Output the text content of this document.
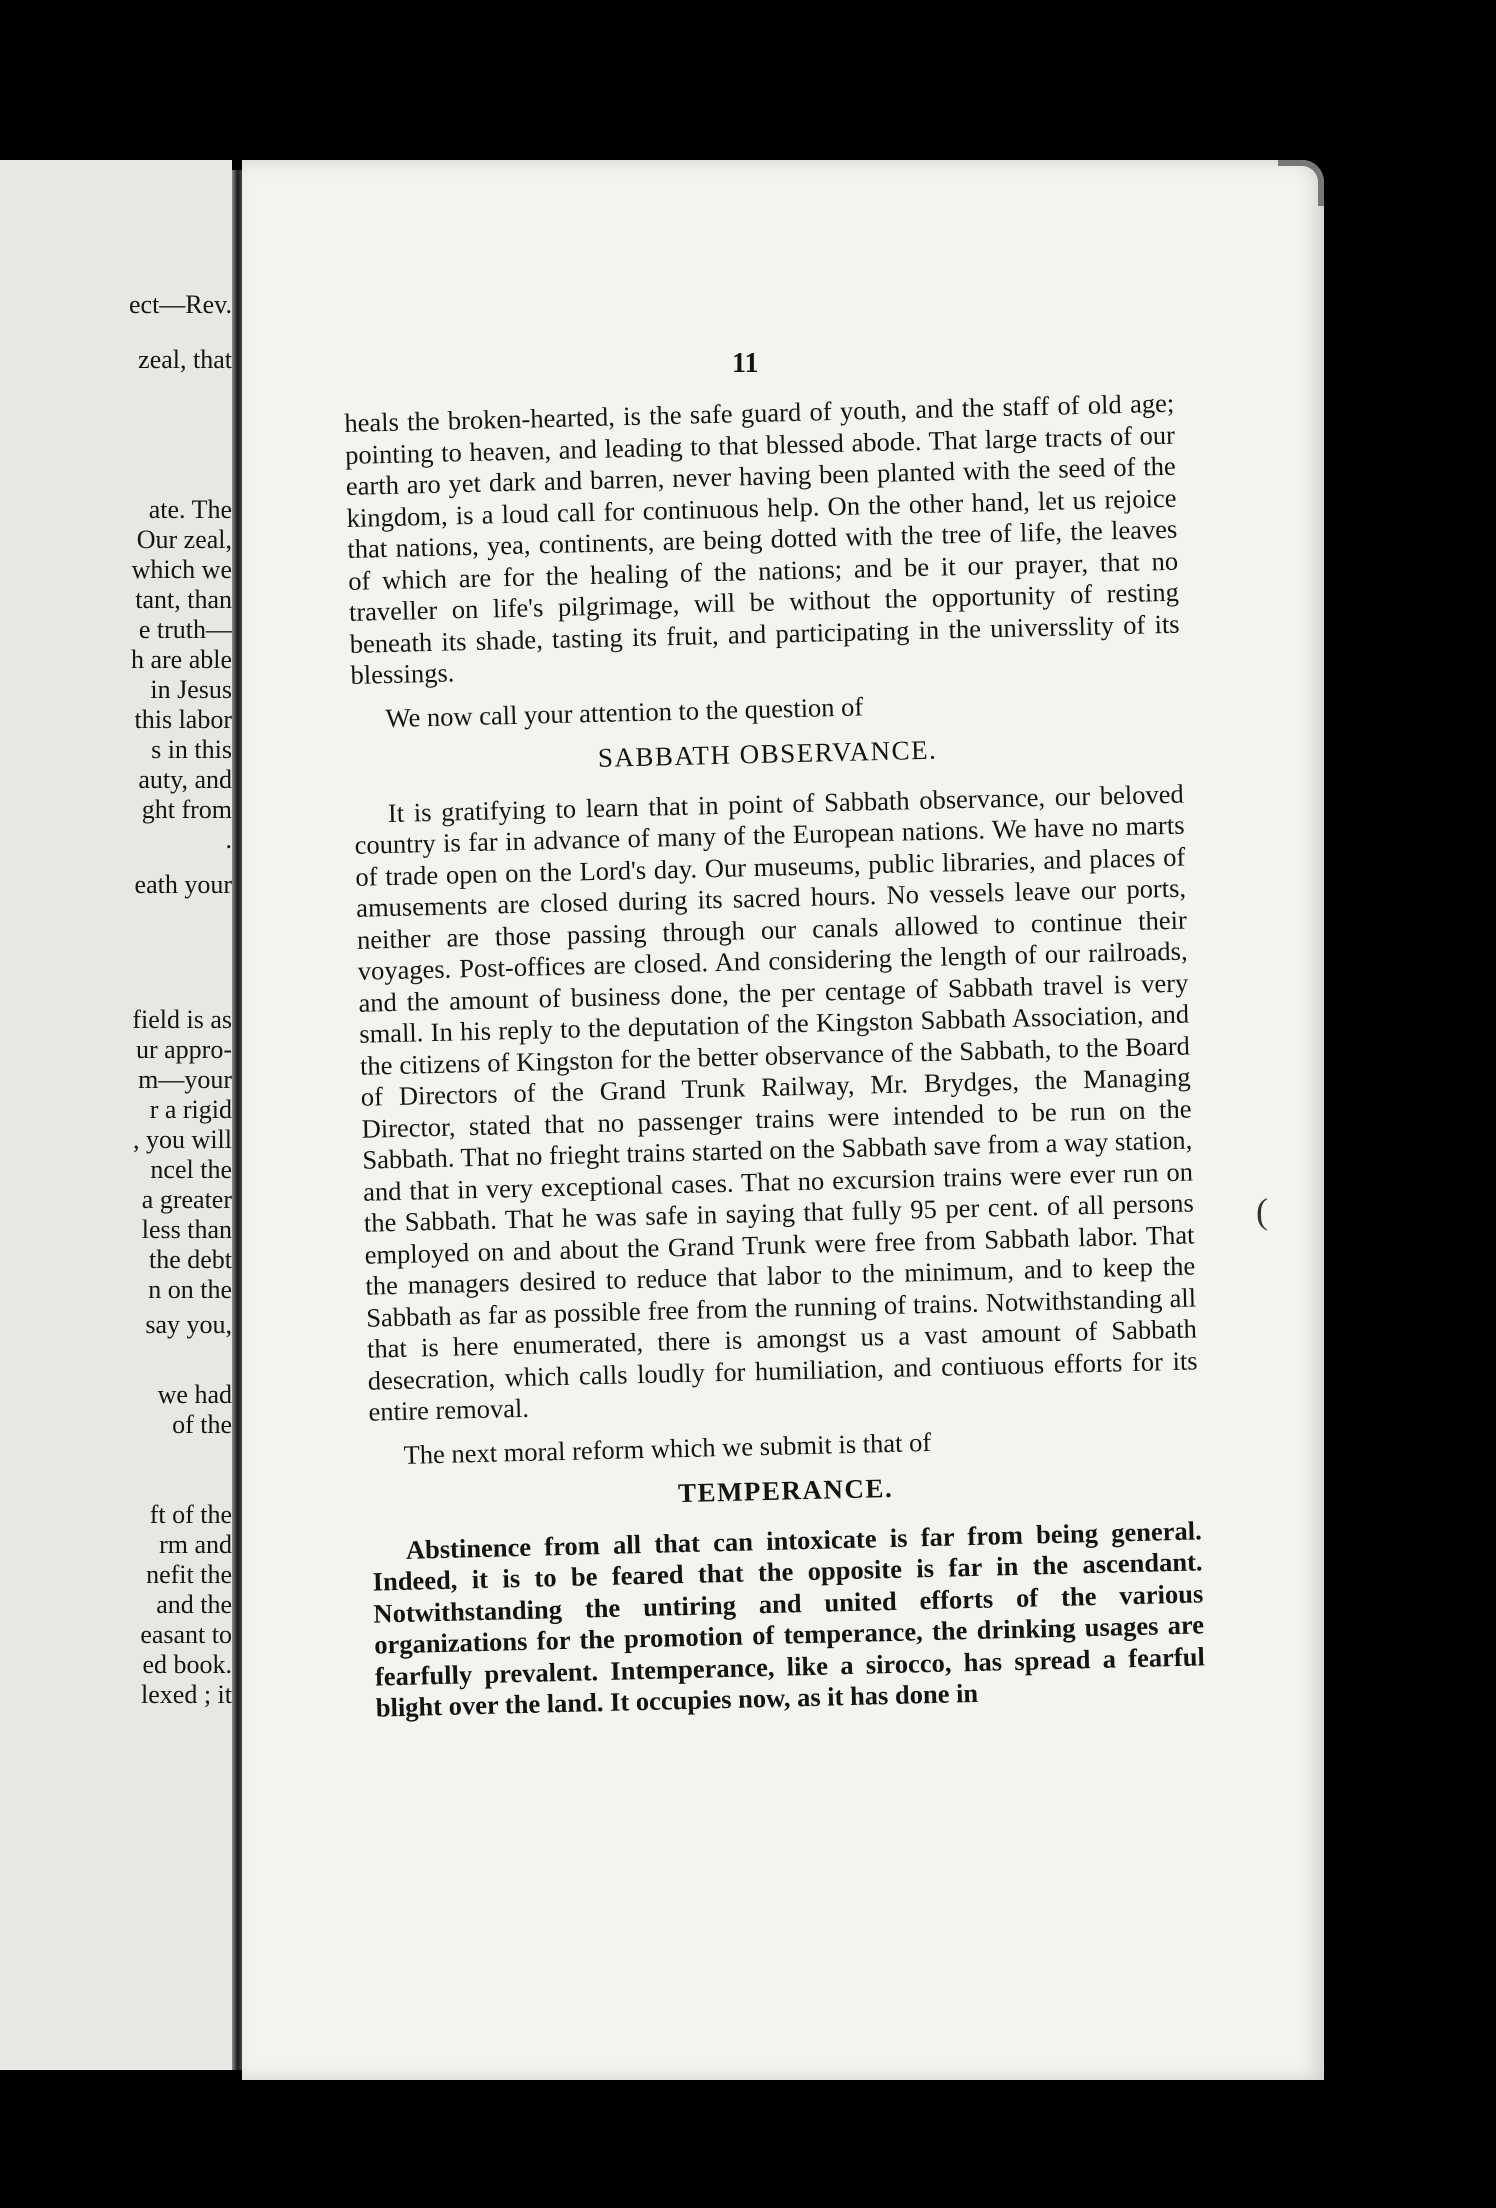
ect—Rev.
zeal, that
ate. The
Our zeal,
which we
tant, than
e truth—
h are able
in Jesus
this labor
s in this
auty, and
ght from
.
eath your
field is as
ur appro-
m—your
r a rigid
, you will
ncel the
a greater
less than
the debt
n on the
say you,
we had
of the
ft of the
rm and
nefit the
and the
easant to
ed book.
lexed ; it
11

heals the broken-hearted, is the safe guard of youth, and the staff of old age; pointing to heaven, and leading to that blessed abode. That large tracts of our earth aro yet dark and barren, never having been planted with the seed of the kingdom, is a loud call for continuous help. On the other hand, let us rejoice that nations, yea, continents, are being dotted with the tree of life, the leaves of which are for the healing of the nations; and be it our prayer, that no traveller on life's pilgrimage, will be without the opportunity of resting beneath its shade, tasting its fruit, and participating in the universslity of its blessings.

We now call your attention to the question of

SABBATH OBSERVANCE.

It is gratifying to learn that in point of Sabbath observance, our beloved country is far in advance of many of the European nations. We have no marts of trade open on the Lord's day. Our museums, public libraries, and places of amusements are closed during its sacred hours. No vessels leave our ports, neither are those passing through our canals allowed to continue their voyages. Post-offices are closed. And considering the length of our railroads, and the amount of business done, the per centage of Sabbath travel is very small. In his reply to the deputation of the Kingston Sabbath Association, and the citizens of Kingston for the better observance of the Sabbath, to the Board of Directors of the Grand Trunk Railway, Mr. Brydges, the Managing Director, stated that no passenger trains were intended to be run on the Sabbath. That no frieght trains started on the Sabbath save from a way station, and that in very exceptional cases. That no excursion trains were ever run on the Sabbath. That he was safe in saying that fully 95 per cent. of all persons employed on and about the Grand Trunk were free from Sabbath labor. That the managers desired to reduce that labor to the minimum, and to keep the Sabbath as far as possible free from the running of trains. Notwithstanding all that is here enumerated, there is amongst us a vast amount of Sabbath desecration, which calls loudly for humiliation, and contiuous efforts for its entire removal.

The next moral reform which we submit is that of

TEMPERANCE.

Abstinence from all that can intoxicate is far from being general. Indeed, it is to be feared that the opposite is far in the ascendant. Notwithstanding the untiring and united efforts of the various organizations for the promotion of temperance, the drinking usages are fearfully prevalent. Intemperance, like a sirocco, has spread a fearful blight over the land. It occupies now, as it has done in

(
